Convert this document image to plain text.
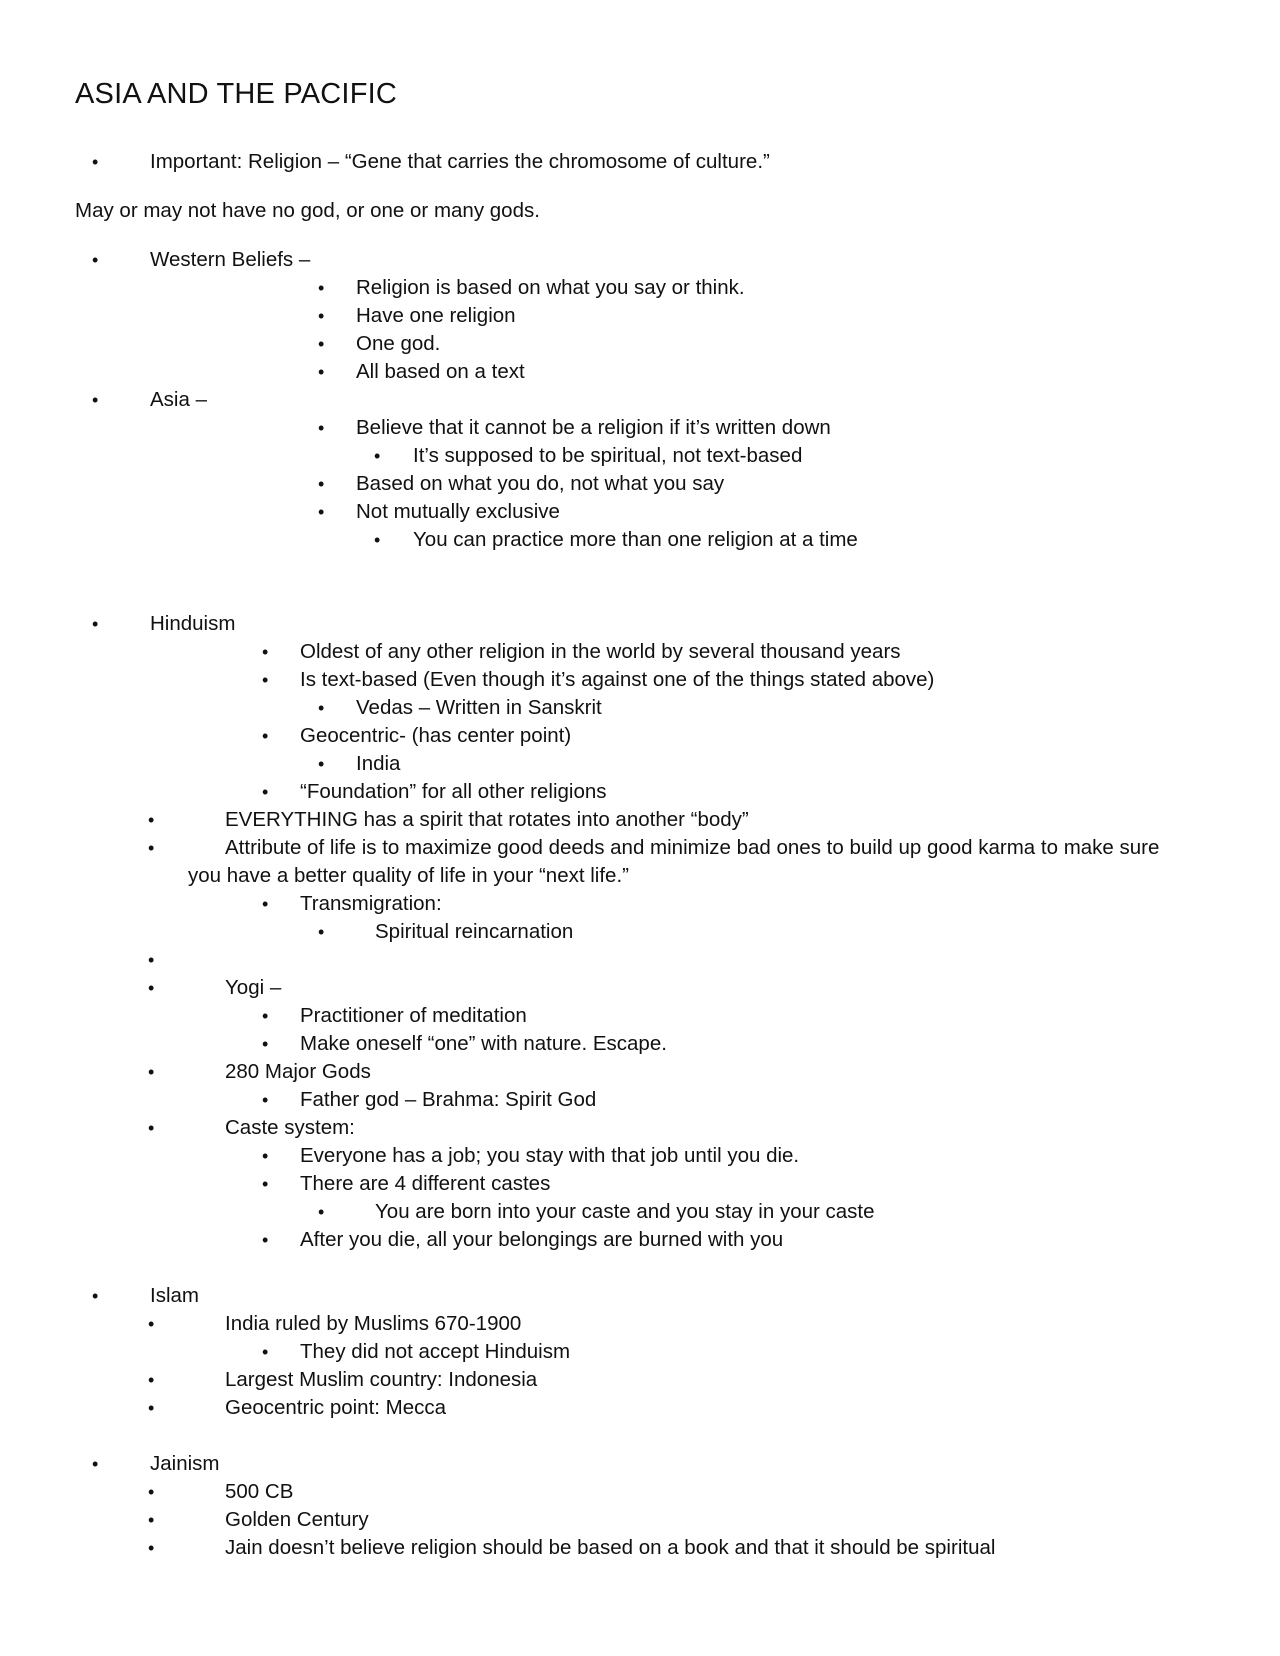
ASIA AND THE PACIFIC
•	Important: Religion – “Gene that carries the chromosome of culture.”
May or may not have no god, or one or many gods.
•	Western Beliefs –
• Religion is based on what you say or think.
• Have one religion
• One god.
• All based on a text
•	Asia –
• Believe that it cannot be a religion if it’s written down
• It’s supposed to be spiritual, not text-based
• Based on what you do, not what you say
• Not mutually exclusive
• You can practice more than one religion at a time
•	Hinduism
• Oldest of any other religion in the world by several thousand years
• Is text-based (Even though it’s against one of the things stated above)
• Vedas – Written in Sanskrit
• Geocentric- (has center point)
• India
• “Foundation” for all other religions
•	EVERYTHING has a spirit that rotates into another “body”
•	Attribute of life is to maximize good deeds and minimize bad ones to build up good karma to make sure
you have a better quality of life in your “next life.”
• Transmigration:
• Spiritual reincarnation
•
•	Yogi –
• Practitioner of meditation
• Make oneself “one” with nature. Escape.
•	280 Major Gods
• Father god – Brahma: Spirit God
•	Caste system:
• Everyone has a job; you stay with that job until you die.
• There are 4 different castes
• You are born into your caste and you stay in your caste
• After you die, all your belongings are burned with you
•	Islam
•	India ruled by Muslims 670-1900
• They did not accept Hinduism
•	Largest Muslim country: Indonesia
•	Geocentric point: Mecca
•	Jainism
•	500 CB
•	Golden Century
•	Jain doesn’t believe religion should be based on a book and that it should be spiritual
